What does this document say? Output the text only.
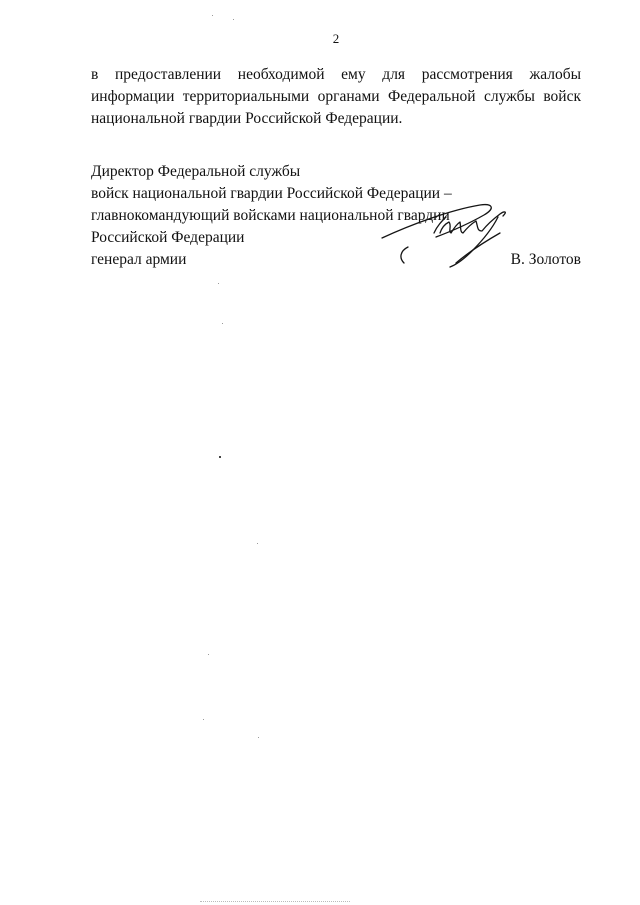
2

в предоставлении необходимой ему для рассмотрения жалобы информации территориальными органами Федеральной службы войск национальной гвардии Российской Федерации.

Директор Федеральной службы
войск национальной гвардии Российской Федерации –
главнокомандующий войсками национальной гвардии
Российской Федерации
генерал армии	В. Золотов
